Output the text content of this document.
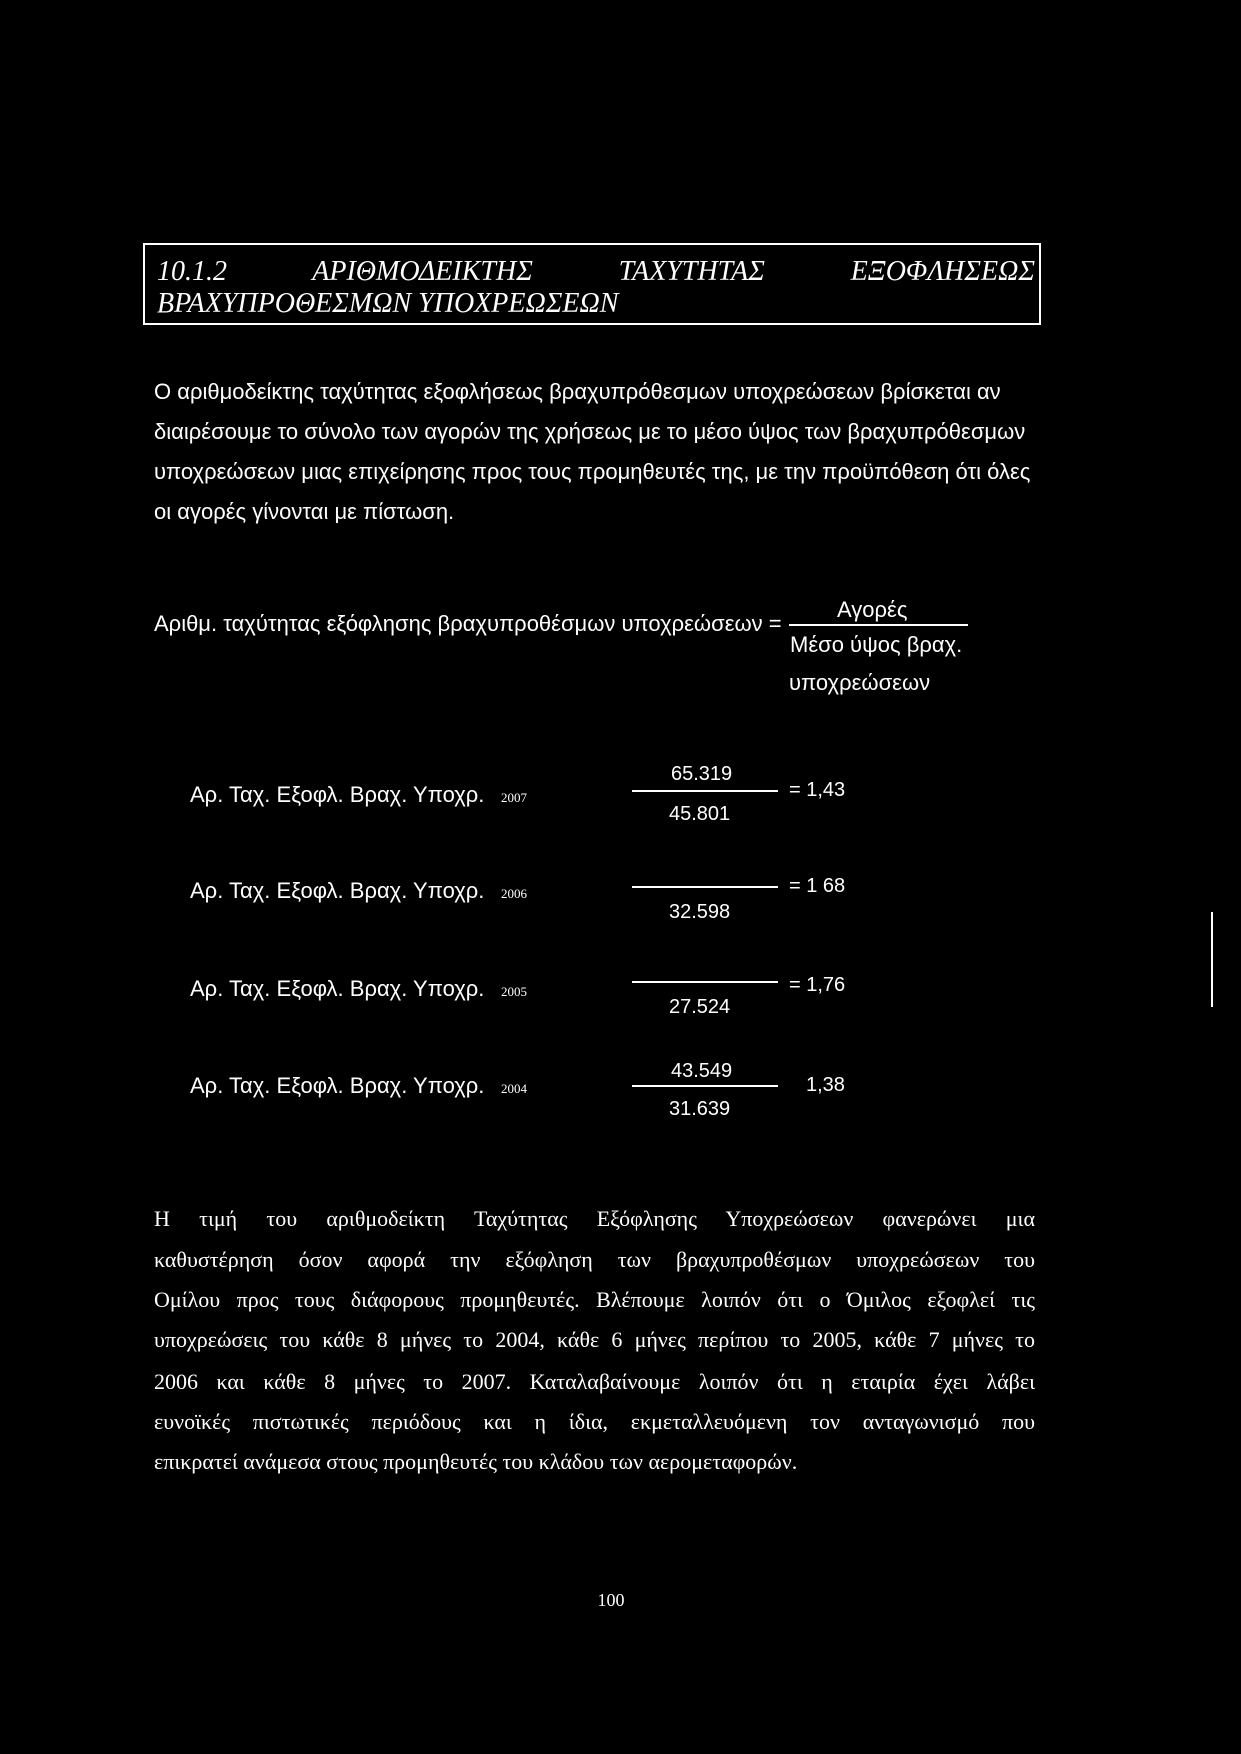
10.1.2 ΑΡΙΘΜΟΔΕΙΚΤΗΣ ΤΑΧΥΤΗΤΑΣ ΕΞΟΦΛΗΣΕΩΣ
ΒΡΑΧΥΠΡΟΘΕΣΜΩΝ ΥΠΟΧΡΕΩΣΕΩΝ
Ο αριθμοδείκτης ταχύτητας εξοφλήσεως βραχυπρόθεσμων υποχρεώσεων βρίσκεται αν
διαιρέσουμε το σύνολο των αγορών της χρήσεως με το μέσο ύψος των βραχυπρόθεσμων
υποχρεώσεων μιας επιχείρησης προς τους προμηθευτές της, με την προϋπόθεση ότι όλες
οι αγορές γίνονται με πίστωση.
Αριθμ. ταχύτητας εξόφλησης βραχυπροθέσμων υποχρεώσεων =
Αγορές
Μέσο ύψος βραχ.
υποχρεώσεων
Αρ. Ταχ. Εξοφλ. Βραχ. Υποχρ. 2007
65.319
45.801
= 1,43
Αρ. Ταχ. Εξοφλ. Βραχ. Υποχρ. 2006
32.598
= 1 68
Αρ. Ταχ. Εξοφλ. Βραχ. Υποχρ. 2005
27.524
= 1,76
Αρ. Ταχ. Εξοφλ. Βραχ. Υποχρ. 2004
43.549
31.639
1,38
Η τιμή του αριθμοδείκτη Ταχύτητας Εξόφλησης Υποχρεώσεων φανερώνει μια
καθυστέρηση όσον αφορά την εξόφληση των βραχυπροθέσμων υποχρεώσεων του
Ομίλου προς τους διάφορους προμηθευτές. Βλέπουμε λοιπόν ότι ο Όμιλος εξοφλεί τις
υποχρεώσεις του κάθε 8 μήνες το 2004, κάθε 6 μήνες περίπου το 2005, κάθε 7 μήνες το
2006 και κάθε 8 μήνες το 2007. Καταλαβαίνουμε λοιπόν ότι η εταιρία έχει λάβει
ευνοϊκές πιστωτικές περιόδους και η ίδια, εκμεταλλευόμενη τον ανταγωνισμό που
επικρατεί ανάμεσα στους προμηθευτές του κλάδου των αερομεταφορών.
100
